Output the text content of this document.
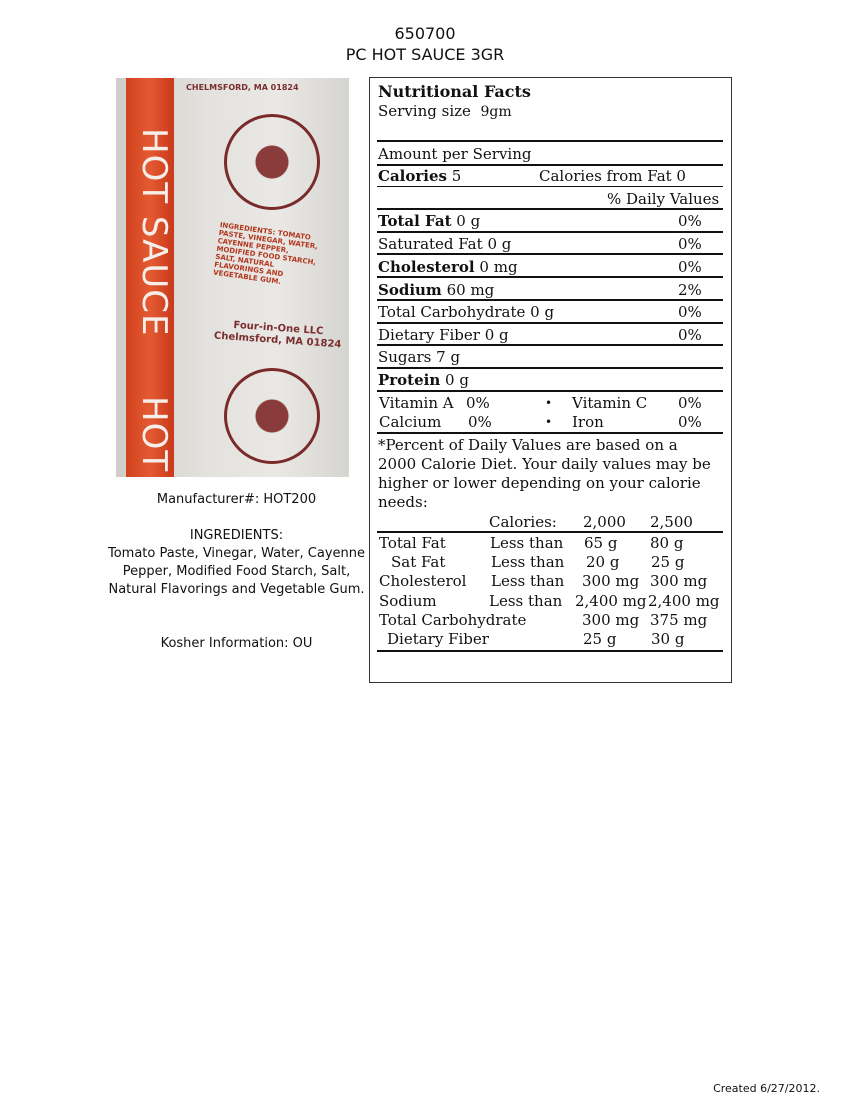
650700
PC HOT SAUCE 3GR
HOT SAUCE
HOT
CHELMSFORD, MA 01824
INGREDIENTS: TOMATO PASTE, VINEGAR, WATER, CAYENNE PEPPER, MODIFIED FOOD STARCH, SALT, NATURAL FLAVORINGS AND VEGETABLE GUM.
Four-in-One LLC Chelmsford, MA 01824
Manufacturer#: HOT200
INGREDIENTS:
Tomato Paste, Vinegar, Water, Cayenne Pepper, Modified Food Starch, Salt, Natural Flavorings and Vegetable Gum.
Kosher Information: OU
Nutritional Facts
Serving size 9gm
Amount per Serving
Calories 5	Calories from Fat 0
% Daily Values
Total Fat 0 g	0%
Saturated Fat 0 g	0%
Cholesterol 0 mg	0%
Sodium 60 mg	2%
Total Carbohydrate 0 g	0%
Dietary Fiber 0 g	0%
Sugars 7 g
Protein 0 g
Vitamin A 0%	• Vitamin C 0%
Calcium 0%	• Iron	0%
*Percent of Daily Values are based on a 2000 Calorie Diet. Your daily values may be higher or lower depending on your calorie needs:
Calories: 2,000 2,500
Total Fat	Less than 65 g 80 g
Sat Fat	Less than 20 g 25 g
Cholesterol Less than 300 mg 300 mg
Sodium	Less than 2,400 mg 2,400 mg
Total Carbohydrate	300 mg 375 mg
Dietary Fiber	25 g 30 g
Created 6/27/2012.
